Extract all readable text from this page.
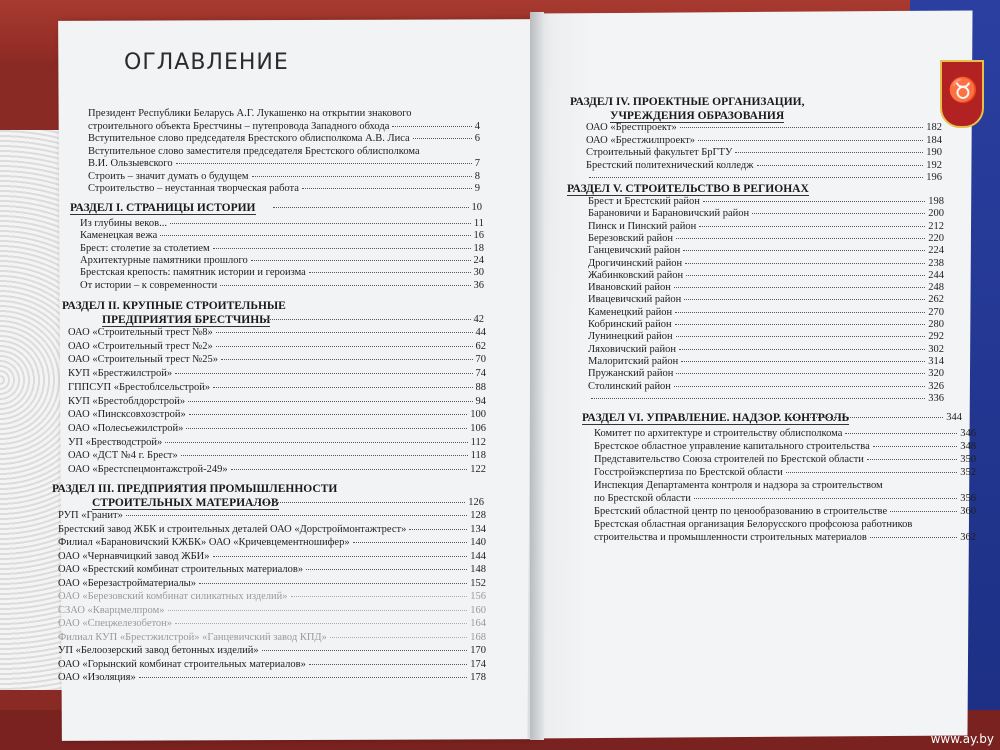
♉
ОГЛАВЛЕНИЕ
Президент Республики Беларусь А.Г. Лукашенко на открытии знакового
строительного объекта Брестчины – путепровода Западного обхода	4
Вступительное слово председателя Брестского облисполкома А.В. Лиса	6
Вступительное слово заместителя председателя Брестского облисполкома
В.И. Ользыевского	7
Строить – значит думать о будущем	8
Строительство – неустанная творческая работа	9
РАЗДЕЛ I. СТРАНИЦЫ ИСТОРИИ	10
Из глубины веков...	11
Каменецкая вежа	16
Брест: столетие за столетием	18
Архитектурные памятники прошлого	24
Брестская крепость: памятник истории и героизма	30
От истории – к современности	36
РАЗДЕЛ II. КРУПНЫЕ СТРОИТЕЛЬНЫЕ
ПРЕДПРИЯТИЯ БРЕСТЧИНЫ	42
ОАО «Строительный трест №8»	44
ОАО «Строительный трест №2»	62
ОАО «Строительный трест №25»	70
КУП «Брестжилстрой»	74
ГППСУП «Брестоблсельстрой»	88
КУП «Брестоблдорстрой»	94
ОАО «Пинсксовхозстрой»	100
ОАО «Полесьежилстрой»	106
УП «Брестводстрой»	112
ОАО «ДСТ №4 г. Брест»	118
ОАО «Брестспецмонтажстрой-249»	122
РАЗДЕЛ III. ПРЕДПРИЯТИЯ ПРОМЫШЛЕННОСТИ
СТРОИТЕЛЬНЫХ МАТЕРИАЛОВ	126
РУП «Гранит»	128
Брестский завод ЖБК и строительных деталей ОАО «Дорстроймонтажтрест»	134
Филиал «Барановичский КЖБК» ОАО «Кричевцементношифер»	140
ОАО «Чернавчицкий завод ЖБИ»	144
ОАО «Брестский комбинат строительных материалов»	148
ОАО «Березастройматериалы»	152
ОАО «Березовский комбинат силикатных изделий»	156
СЗАО «Кварцмелпром»	160
ОАО «Спецжелезобетон»	164
Филиал КУП «Брестжилстрой» «Ганцевичский завод КПД»	168
УП «Белоозерский завод бетонных изделий»	170
ОАО «Горынский комбинат строительных материалов»	174
ОАО «Изоляция»	178
РАЗДЕЛ IV. ПРОЕКТНЫЕ ОРГАНИЗАЦИИ,
УЧРЕЖДЕНИЯ ОБРАЗОВАНИЯ
ОАО «Брестпроект»	182
ОАО «Брестжилпроект»	184
Строительный факультет БрГТУ	190
Брестский политехнический колледж	192
196
РАЗДЕЛ V. СТРОИТЕЛЬСТВО В РЕГИОНАХ
Брест и Брестский район	198
Барановичи и Барановичский район	200
Пинск и Пинский район	212
Березовский район	220
Ганцевичский район	224
Дрогичинский район	238
Жабинковский район	244
Ивановский район	248
Ивацевичский район	262
Каменецкий район	270
Кобринский район	280
Лунинецкий район	292
Ляховичский район	302
Малоритский район	314
Пружанский район	320
Столинский район	326
336
РАЗДЕЛ VI. УПРАВЛЕНИЕ. НАДЗОР. КОНТРОЛЬ	344
Комитет по архитектуре и строительству облисполкома	346
Брестское областное управление капитального строительства	348
Представительство Союза строителей по Брестской области	350
Госстройэкспертиза по Брестской области	352
Инспекция Департамента контроля и надзора за строительством
по Брестской области	356
Брестский областной центр по ценообразованию в строительстве	360
Брестская областная организация Белорусского профсоюза работников
строительства и промышленности строительных материалов	362
www.ay.by
